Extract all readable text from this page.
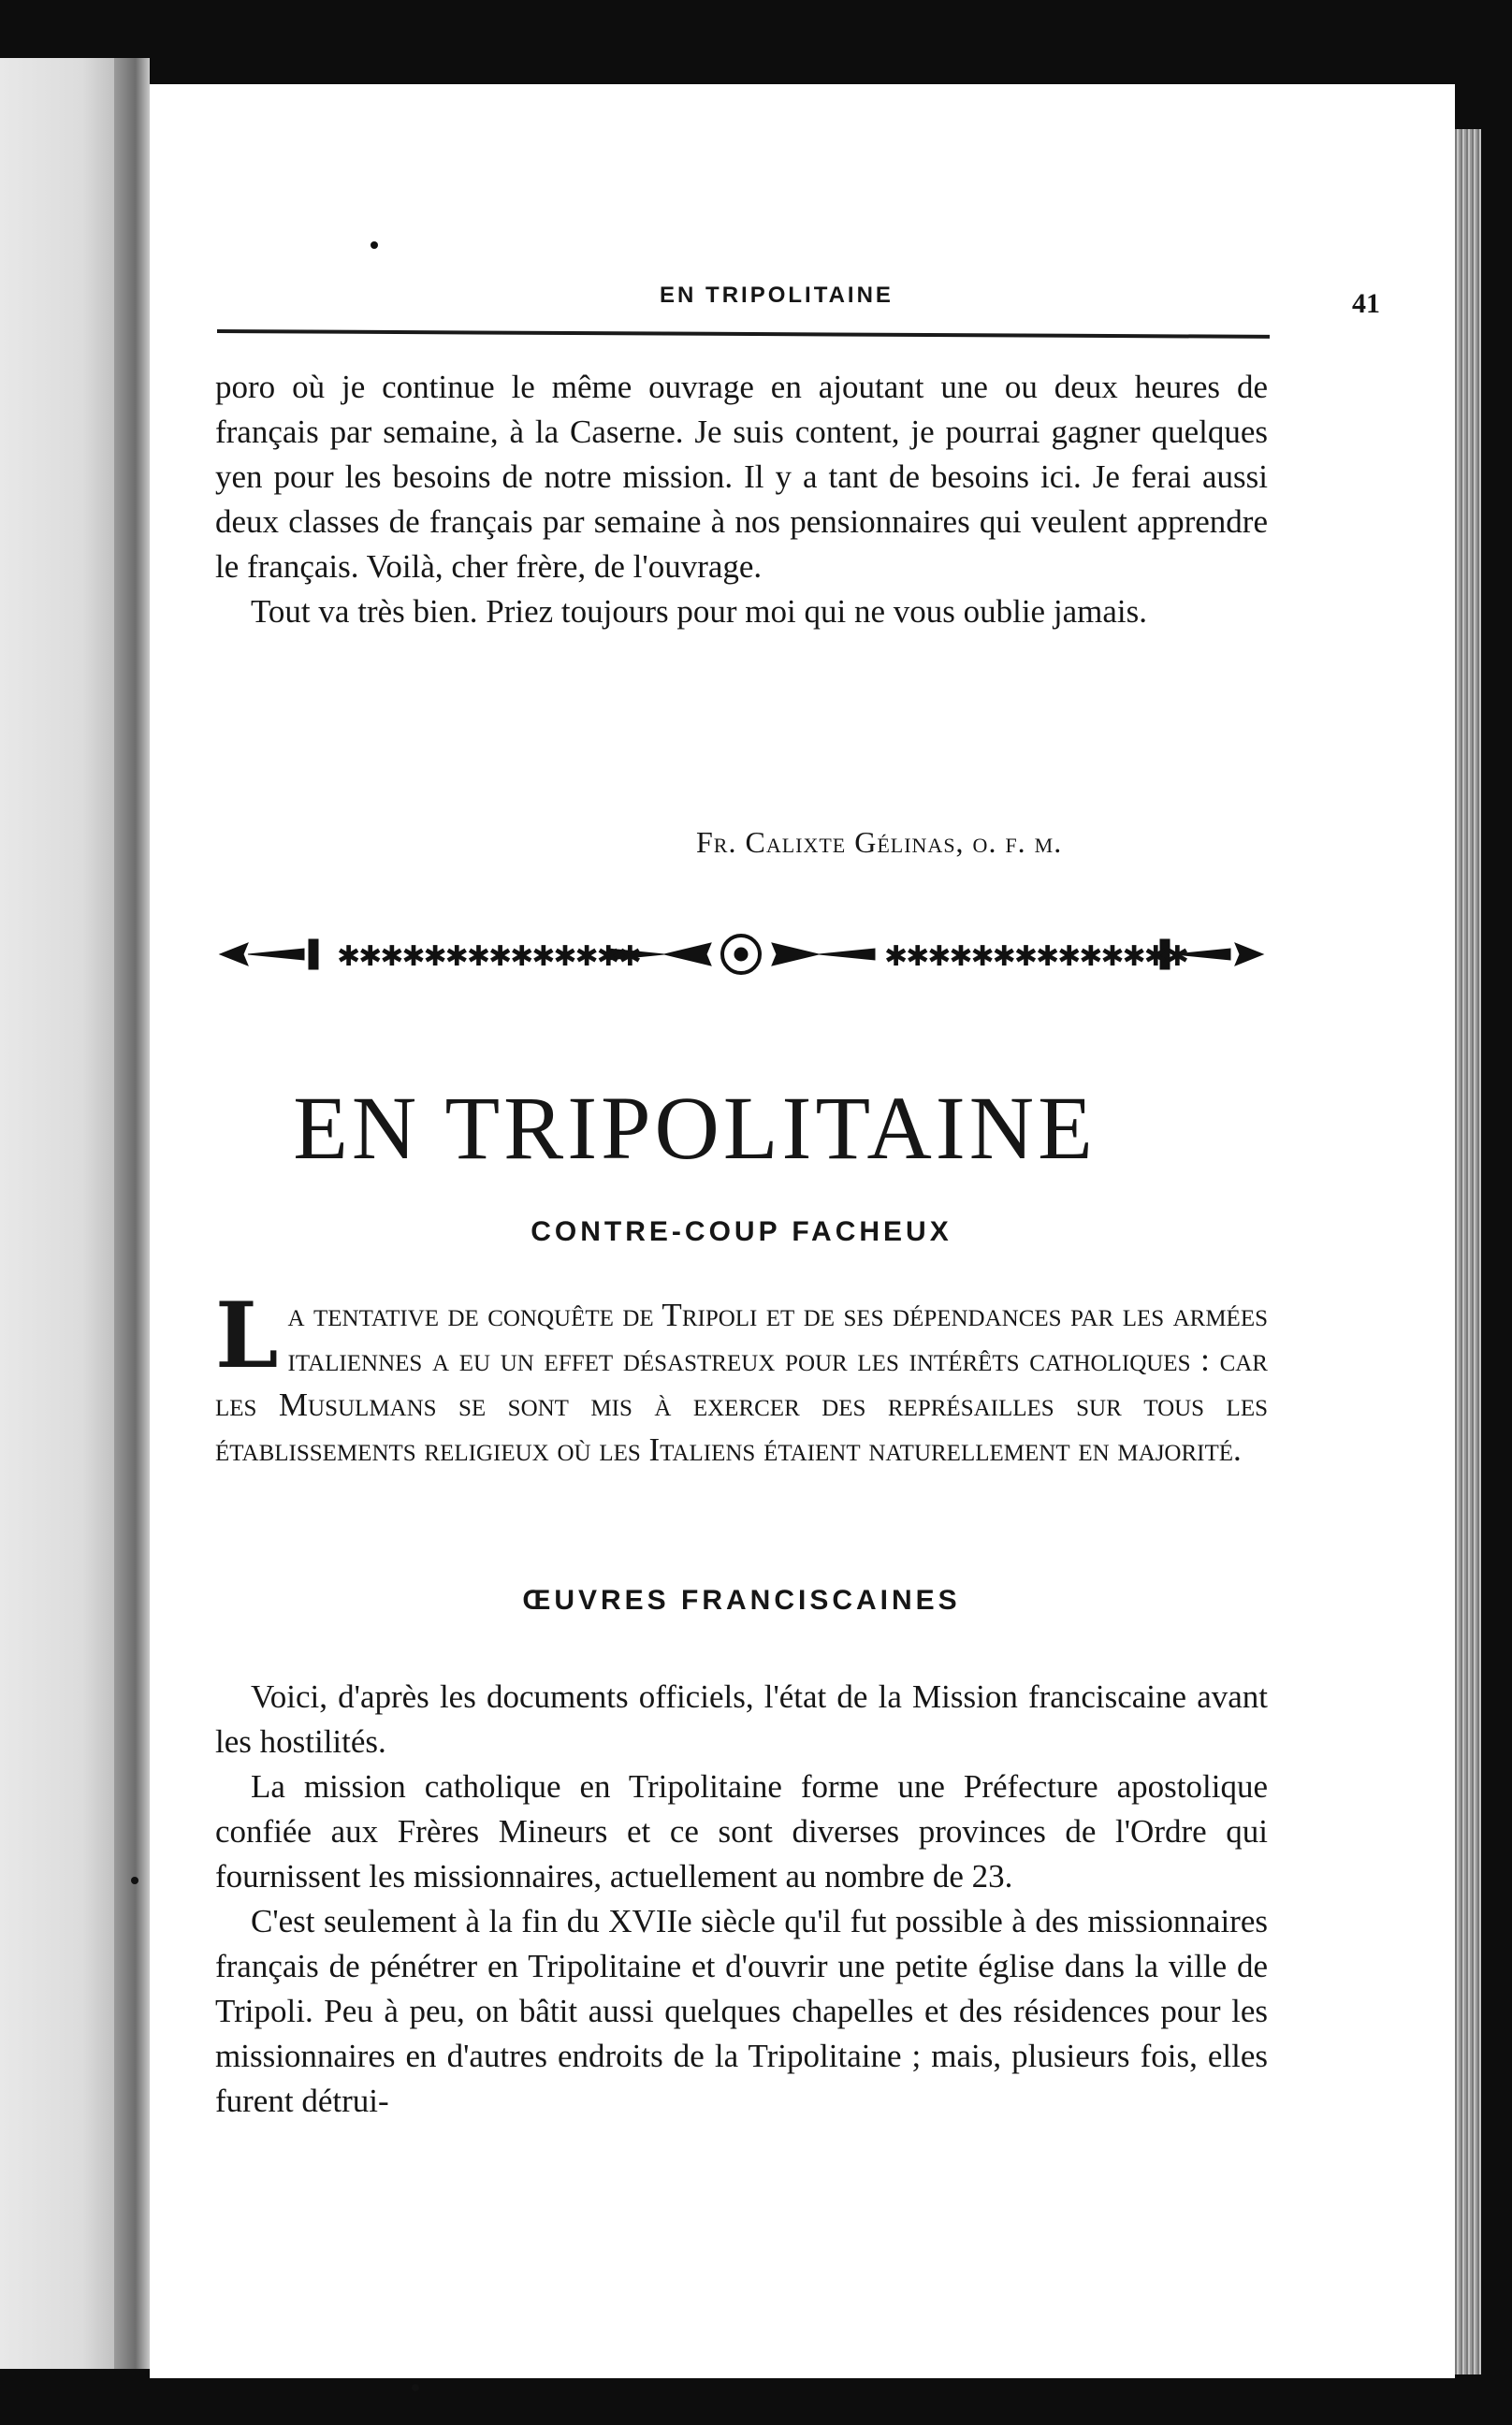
EN TRIPOLITAINE	41

poro où je continue le même ouvrage en ajoutant une ou deux heures de français par semaine, à la Caserne. Je suis content, je pourrai gagner quelques yen pour les besoins de notre mission. Il y a tant de besoins ici. Je ferai aussi deux classes de français par semaine à nos pensionnaires qui veulent apprendre le français. Voilà, cher frère, de l'ouvrage.

Tout va très bien. Priez toujours pour moi qui ne vous oublie jamais.

Fr. Calixte Gélinas, o. f. m.

✱✱✱✱✱✱✱✱✱✱✱✱✱✱	✱✱✱✱✱✱✱✱✱✱✱✱✱✱
EN TRIPOLITAINE

CONTRE-COUP FACHEUX

La tentative de conquête de Tripoli et de ses dépendances par les armées italiennes a eu un effet désastreux pour les intérêts catholiques : car les Musulmans se sont mis à exercer des représailles sur tous les établissements religieux où les Italiens étaient naturellement en majorité.

ŒUVRES FRANCISCAINES

Voici, d'après les documents officiels, l'état de la Mission franciscaine avant les hostilités.

La mission catholique en Tripolitaine forme une Préfecture apostolique confiée aux Frères Mineurs et ce sont diverses provinces de l'Ordre qui fournissent les missionnaires, actuellement au nombre de 23.

C'est seulement à la fin du XVIIe siècle qu'il fut possible à des missionnaires français de pénétrer en Tripolitaine et d'ouvrir une petite église dans la ville de Tripoli. Peu à peu, on bâtit aussi quelques chapelles et des résidences pour les missionnaires en d'autres endroits de la Tripolitaine ; mais, plusieurs fois, elles furent détrui-
